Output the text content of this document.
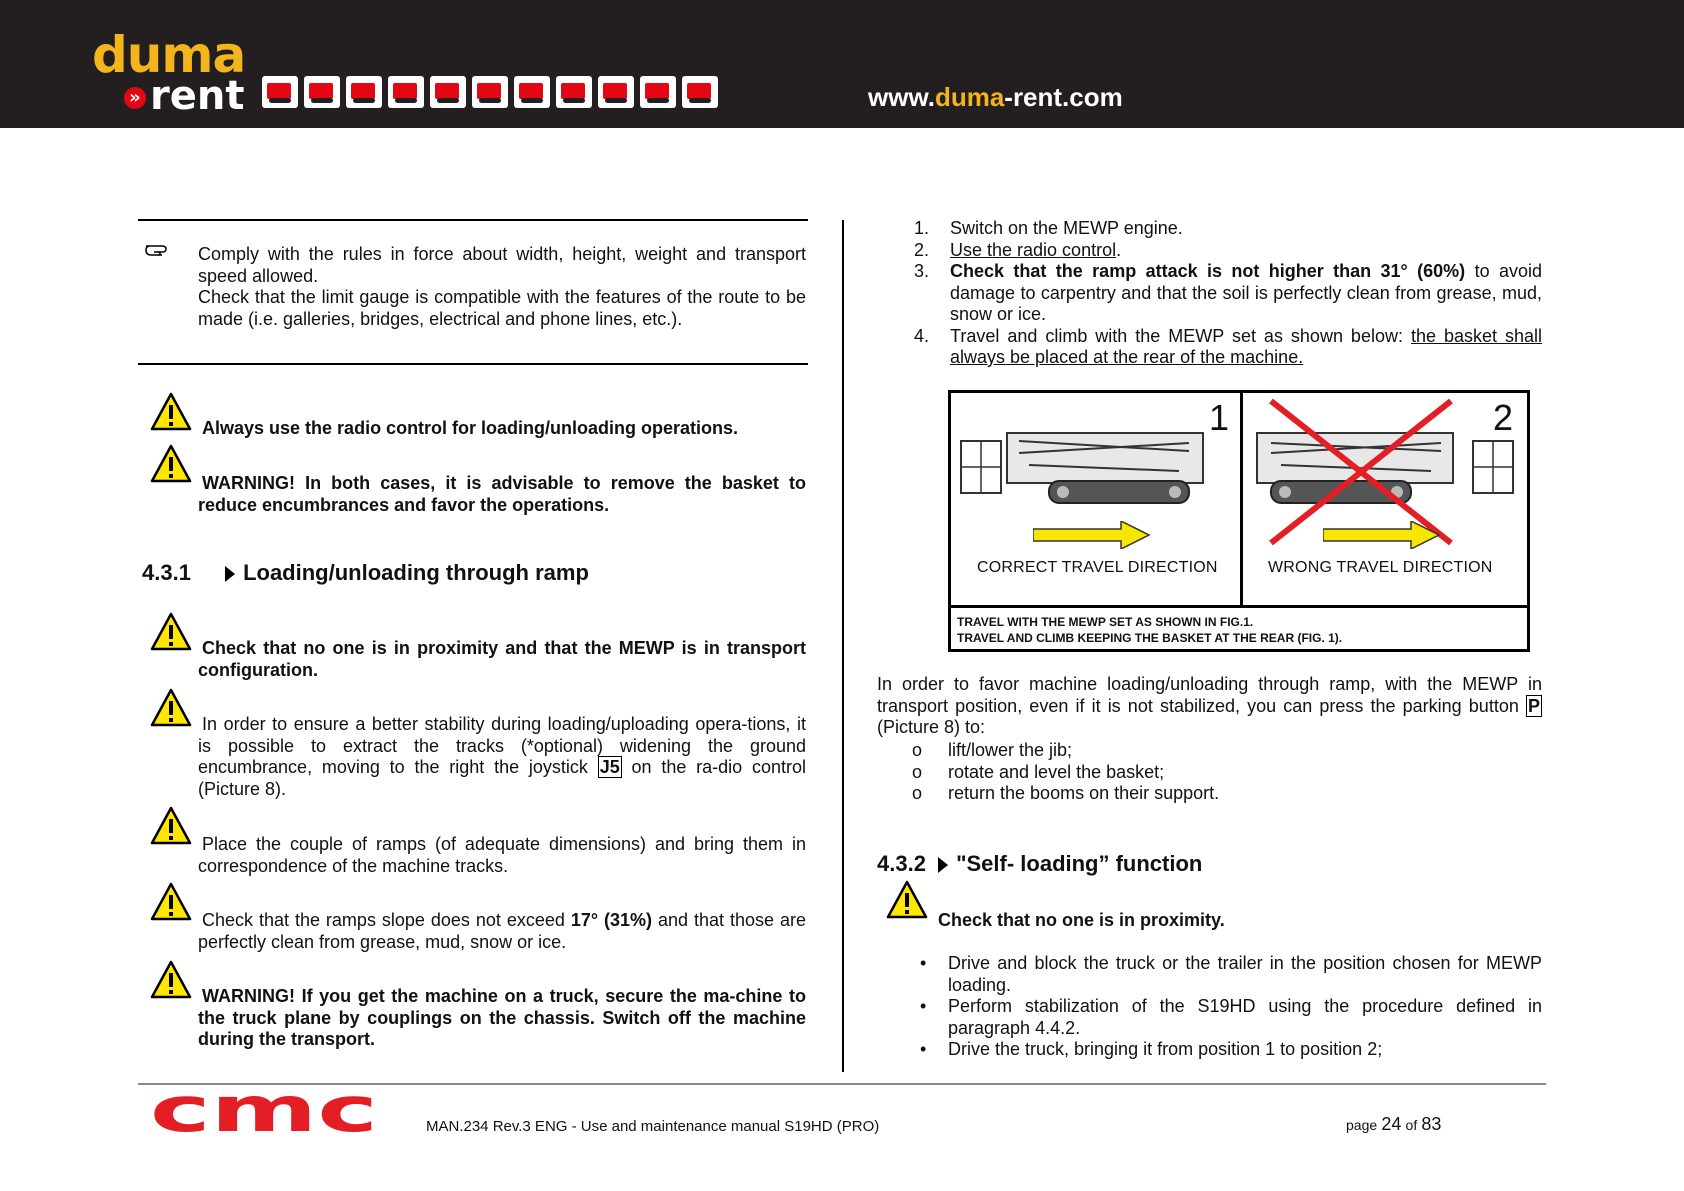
duma
» rent	www.duma-rent.com
Comply with the rules in force about width, height, weight and transport speed allowed.
Check that the limit gauge is compatible with the features of the route to be made (i.e. galleries, bridges, electrical and phone lines, etc.).
Always use the radio control for loading/unloading operations.
WARNING! In both cases, it is advisable to remove the basket to reduce encumbrances and favor the operations.
4.3.1 Loading/unloading through ramp
Check that no one is in proximity and that the MEWP is in transport configuration.
In order to ensure a better stability during loading/uploading opera-tions, it is possible to extract the tracks (*optional) widening the ground encumbrance, moving to the right the joystick J5 on the ra-dio control (Picture 8).
Place the couple of ramps (of adequate dimensions) and bring them in correspondence of the machine tracks.
Check that the ramps slope does not exceed 17° (31%) and that those are perfectly clean from grease, mud, snow or ice.
WARNING! If you get the machine on a truck, secure the ma-chine to the truck plane by couplings on the chassis. Switch off the machine during the transport.
1. Switch on the MEWP engine.
2. Use the radio control.
3. Check that the ramp attack is not higher than 31° (60%) to avoid damage to carpentry and that the soil is perfectly clean from grease, mud, snow or ice.
4. Travel and climb with the MEWP set as shown below: the basket shall always be placed at the rear of the machine.
1	2
CORRECT TRAVEL DIRECTION	WRONG TRAVEL DIRECTION
TRAVEL WITH THE MEWP SET AS SHOWN IN FIG.1.
TRAVEL AND CLIMB KEEPING THE BASKET AT THE REAR (FIG. 1).
In order to favor machine loading/unloading through ramp, with the MEWP in transport position, even if it is not stabilized, you can press the parking button P (Picture 8) to:
o lift/lower the jib;
o rotate and level the basket;
o return the booms on their support.
4.3.2 "Self- loading” function
Check that no one is in proximity.
• Drive and block the truck or the trailer in the position chosen for MEWP loading.
• Perform stabilization of the S19HD using the procedure defined in paragraph 4.4.2.
• Drive the truck, bringing it from position 1 to position 2;
cmc	MAN.234 Rev.3 ENG - Use and maintenance manual S19HD (PRO)	page 24 of 83
